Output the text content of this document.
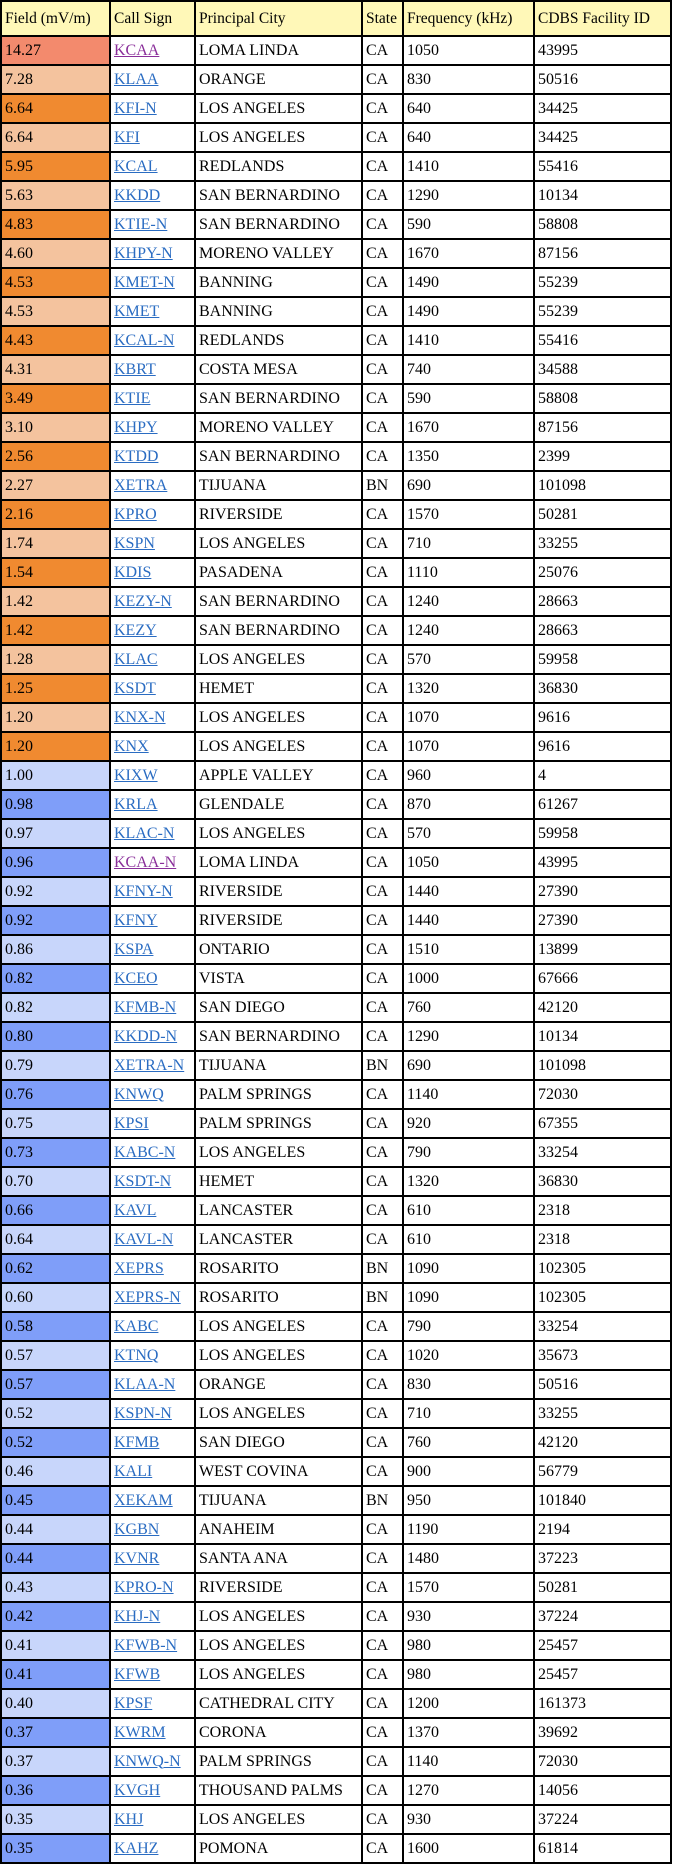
Field (mV/m)	Call Sign	Principal City	State	Frequency (kHz)	CDBS Facility ID
14.27	KCAA	LOMA LINDA	CA	1050	43995
7.28	KLAA	ORANGE	CA	830	50516
6.64	KFI-N	LOS ANGELES	CA	640	34425
6.64	KFI	LOS ANGELES	CA	640	34425
5.95	KCAL	REDLANDS	CA	1410	55416
5.63	KKDD	SAN BERNARDINO	CA	1290	10134
4.83	KTIE-N	SAN BERNARDINO	CA	590	58808
4.60	KHPY-N	MORENO VALLEY	CA	1670	87156
4.53	KMET-N	BANNING	CA	1490	55239
4.53	KMET	BANNING	CA	1490	55239
4.43	KCAL-N	REDLANDS	CA	1410	55416
4.31	KBRT	COSTA MESA	CA	740	34588
3.49	KTIE	SAN BERNARDINO	CA	590	58808
3.10	KHPY	MORENO VALLEY	CA	1670	87156
2.56	KTDD	SAN BERNARDINO	CA	1350	2399
2.27	XETRA	TIJUANA	BN	690	101098
2.16	KPRO	RIVERSIDE	CA	1570	50281
1.74	KSPN	LOS ANGELES	CA	710	33255
1.54	KDIS	PASADENA	CA	1110	25076
1.42	KEZY-N	SAN BERNARDINO	CA	1240	28663
1.42	KEZY	SAN BERNARDINO	CA	1240	28663
1.28	KLAC	LOS ANGELES	CA	570	59958
1.25	KSDT	HEMET	CA	1320	36830
1.20	KNX-N	LOS ANGELES	CA	1070	9616
1.20	KNX	LOS ANGELES	CA	1070	9616
1.00	KIXW	APPLE VALLEY	CA	960	4
0.98	KRLA	GLENDALE	CA	870	61267
0.97	KLAC-N	LOS ANGELES	CA	570	59958
0.96	KCAA-N	LOMA LINDA	CA	1050	43995
0.92	KFNY-N	RIVERSIDE	CA	1440	27390
0.92	KFNY	RIVERSIDE	CA	1440	27390
0.86	KSPA	ONTARIO	CA	1510	13899
0.82	KCEO	VISTA	CA	1000	67666
0.82	KFMB-N	SAN DIEGO	CA	760	42120
0.80	KKDD-N	SAN BERNARDINO	CA	1290	10134
0.79	XETRA-N	TIJUANA	BN	690	101098
0.76	KNWQ	PALM SPRINGS	CA	1140	72030
0.75	KPSI	PALM SPRINGS	CA	920	67355
0.73	KABC-N	LOS ANGELES	CA	790	33254
0.70	KSDT-N	HEMET	CA	1320	36830
0.66	KAVL	LANCASTER	CA	610	2318
0.64	KAVL-N	LANCASTER	CA	610	2318
0.62	XEPRS	ROSARITO	BN	1090	102305
0.60	XEPRS-N	ROSARITO	BN	1090	102305
0.58	KABC	LOS ANGELES	CA	790	33254
0.57	KTNQ	LOS ANGELES	CA	1020	35673
0.57	KLAA-N	ORANGE	CA	830	50516
0.52	KSPN-N	LOS ANGELES	CA	710	33255
0.52	KFMB	SAN DIEGO	CA	760	42120
0.46	KALI	WEST COVINA	CA	900	56779
0.45	XEKAM	TIJUANA	BN	950	101840
0.44	KGBN	ANAHEIM	CA	1190	2194
0.44	KVNR	SANTA ANA	CA	1480	37223
0.43	KPRO-N	RIVERSIDE	CA	1570	50281
0.42	KHJ-N	LOS ANGELES	CA	930	37224
0.41	KFWB-N	LOS ANGELES	CA	980	25457
0.41	KFWB	LOS ANGELES	CA	980	25457
0.40	KPSF	CATHEDRAL CITY	CA	1200	161373
0.37	KWRM	CORONA	CA	1370	39692
0.37	KNWQ-N	PALM SPRINGS	CA	1140	72030
0.36	KVGH	THOUSAND PALMS	CA	1270	14056
0.35	KHJ	LOS ANGELES	CA	930	37224
0.35	KAHZ	POMONA	CA	1600	61814
